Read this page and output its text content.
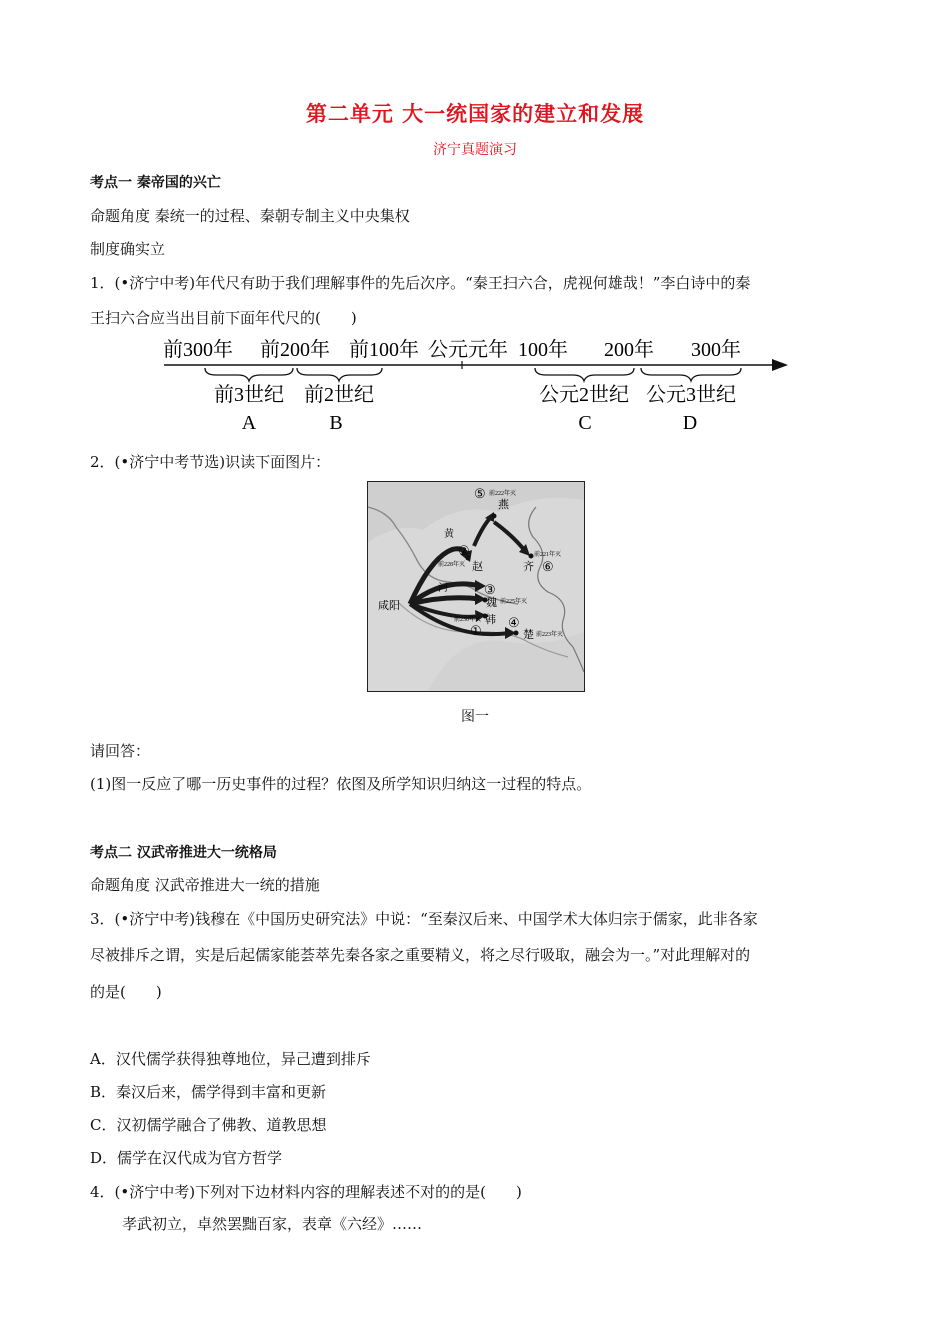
第二单元 大一统国家的建立和发展
济宁真题演习
考点一 秦帝国的兴亡
命题角度 秦统一的过程、秦朝专制主义中央集权
制度确实立
1．(•济宁中考)年代尺有助于我们理解事件的先后次序。“秦王扫六合，虎视何雄哉！”李白诗中的秦
王扫六合应当出目前下面年代尺的(　　)
前300年 前200年 前100年 公元元年 100年 200年 300年
前3世纪 前2世纪	公元2世纪 公元3世纪
A	B	C	D
2．(•济宁中考节选)识读下面图片：
咸阳
黄
河
⑤ 前222年灭
燕
②
前228年灭 赵
前221年灭
齐 ⑥
③
魏 前225年灭
前230年灭 韩
①
④
楚 前223年灭
图一
请回答：
(1)图一反应了哪一历史事件的过程？依图及所学知识归纳这一过程的特点。
考点二 汉武帝推进大一统格局
命题角度 汉武帝推进大一统的措施
3．(•济宁中考)钱穆在《中国历史研究法》中说：“至秦汉后来、中国学术大体归宗于儒家，此非各家
尽被排斥之谓，实是后起儒家能荟萃先秦各家之重要精义，将之尽行吸取，融会为一。”对此理解对的
的是(　　)
A．汉代儒学获得独尊地位，异己遭到排斥
B．秦汉后来，儒学得到丰富和更新
C．汉初儒学融合了佛教、道教思想
D．儒学在汉代成为官方哲学
4．(•济宁中考)下列对下边材料内容的理解表述不对的的是(　　)
孝武初立，卓然罢黜百家，表章《六经》……
